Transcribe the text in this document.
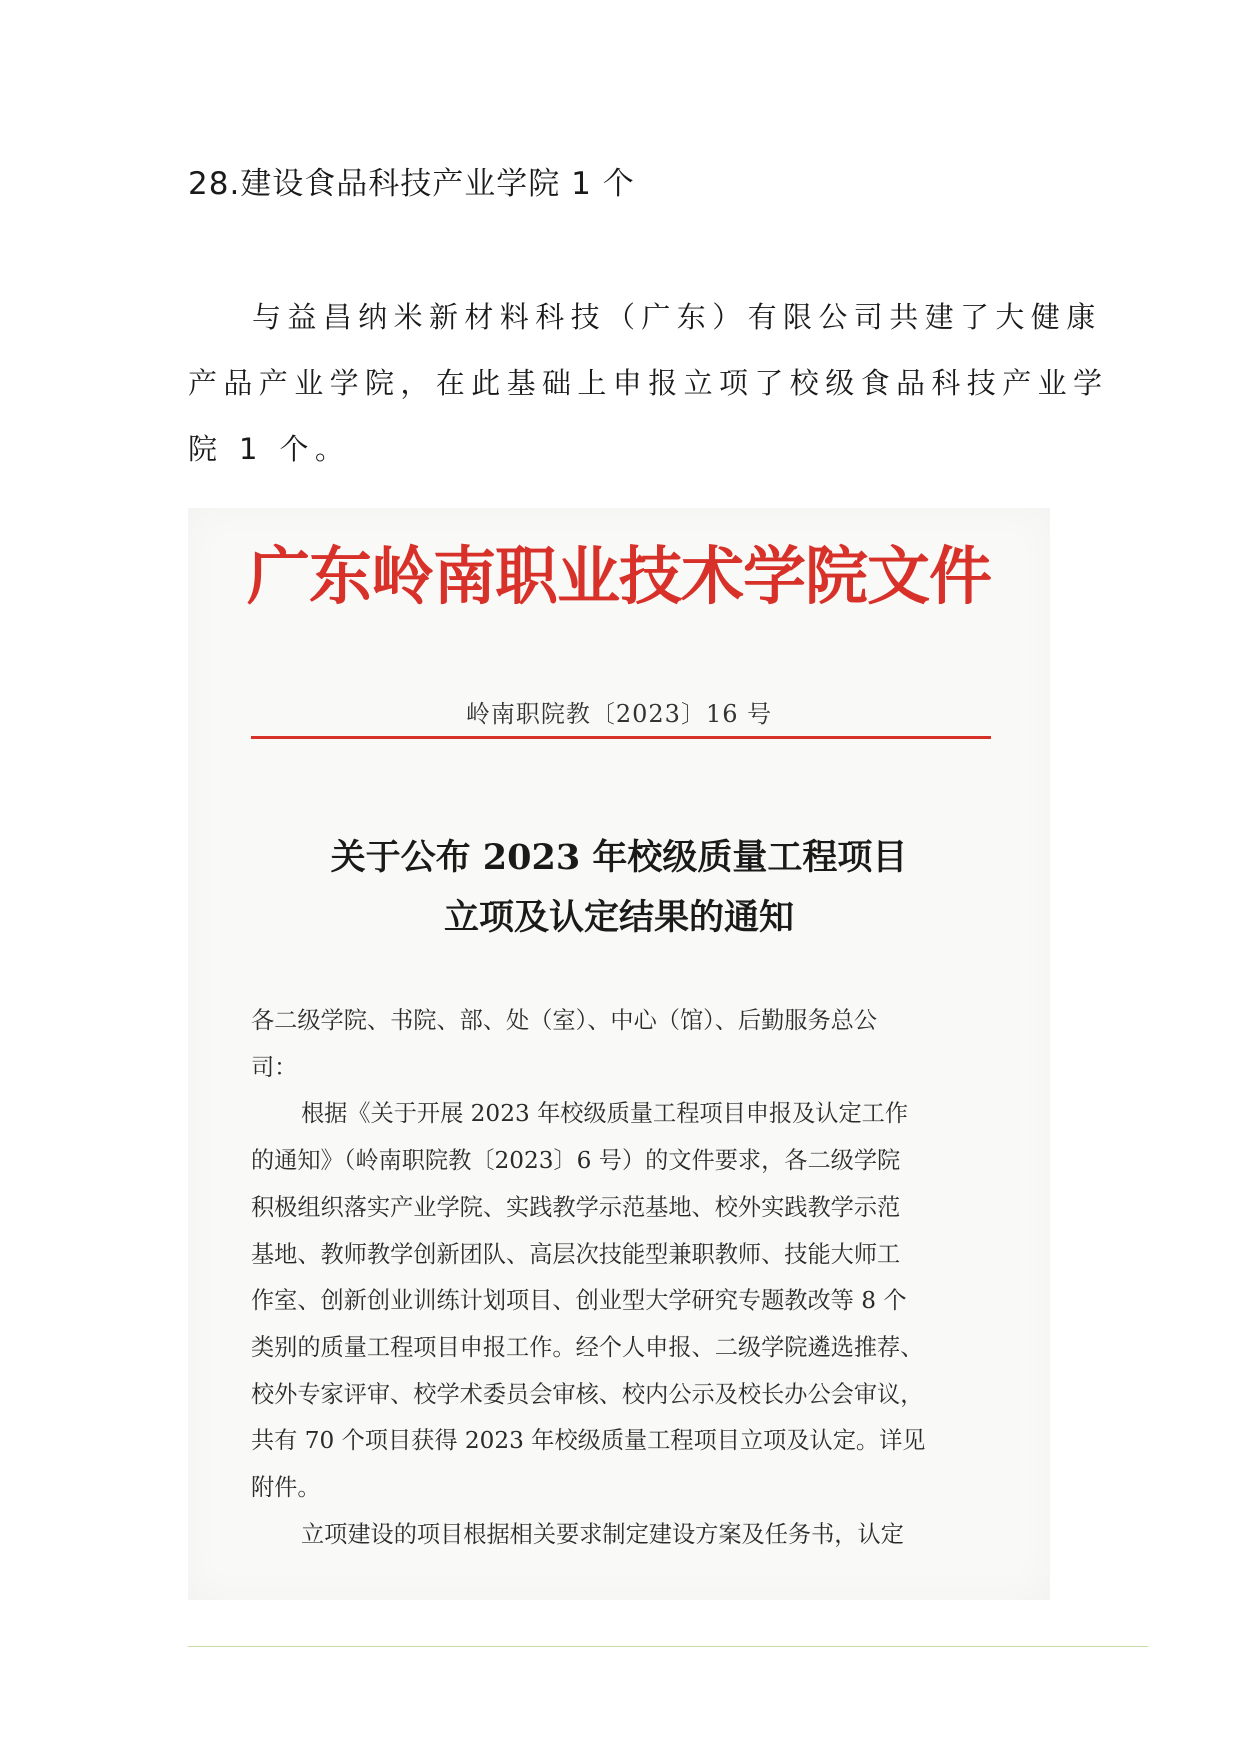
28.建设食品科技产业学院 1 个

与益昌纳米新材料科技（广东）有限公司共建了大健康

产品产业学院，在此基础上申报立项了校级食品科技产业学

院 1 个。

广东岭南职业技术学院文件
岭南职院教〔2023〕16 号
关于公布 2023 年校级质量工程项目
立项及认定结果的通知
各二级学院、书院、部、处（室）、中心（馆）、后勤服务总公
司：
根据《关于开展 2023 年校级质量工程项目申报及认定工作
的通知》（岭南职院教〔2023〕6 号）的文件要求，各二级学院
积极组织落实产业学院、实践教学示范基地、校外实践教学示范
基地、教师教学创新团队、高层次技能型兼职教师、技能大师工
作室、创新创业训练计划项目、创业型大学研究专题教改等 8 个
类别的质量工程项目申报工作。经个人申报、二级学院遴选推荐、
校外专家评审、校学术委员会审核、校内公示及校长办公会审议，
共有 70 个项目获得 2023 年校级质量工程项目立项及认定。详见
附件。
立项建设的项目根据相关要求制定建设方案及任务书，认定
